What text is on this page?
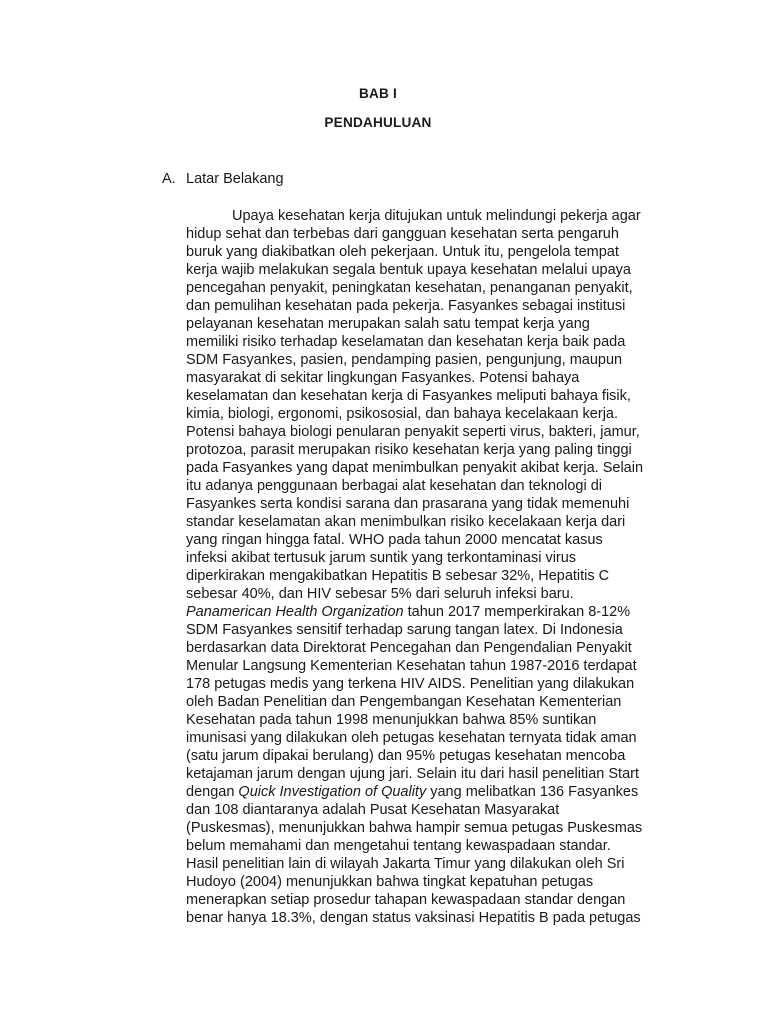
BAB I
PENDAHULUAN
A. Latar Belakang
Upaya kesehatan kerja ditujukan untuk melindungi pekerja agar
hidup sehat dan terbebas dari gangguan kesehatan serta pengaruh
buruk yang diakibatkan oleh pekerjaan. Untuk itu, pengelola tempat
kerja wajib melakukan segala bentuk upaya kesehatan melalui upaya
pencegahan penyakit, peningkatan kesehatan, penanganan penyakit,
dan pemulihan kesehatan pada pekerja. Fasyankes sebagai institusi
pelayanan kesehatan merupakan salah satu tempat kerja yang
memiliki risiko terhadap keselamatan dan kesehatan kerja baik pada
SDM Fasyankes, pasien, pendamping pasien, pengunjung, maupun
masyarakat di sekitar lingkungan Fasyankes. Potensi bahaya
keselamatan dan kesehatan kerja di Fasyankes meliputi bahaya fisik,
kimia, biologi, ergonomi, psikososial, dan bahaya kecelakaan kerja.
Potensi bahaya biologi penularan penyakit seperti virus, bakteri, jamur,
protozoa, parasit merupakan risiko kesehatan kerja yang paling tinggi
pada Fasyankes yang dapat menimbulkan penyakit akibat kerja. Selain
itu adanya penggunaan berbagai alat kesehatan dan teknologi di
Fasyankes serta kondisi sarana dan prasarana yang tidak memenuhi
standar keselamatan akan menimbulkan risiko kecelakaan kerja dari
yang ringan hingga fatal. WHO pada tahun 2000 mencatat kasus
infeksi akibat tertusuk jarum suntik yang terkontaminasi virus
diperkirakan mengakibatkan Hepatitis B sebesar 32%, Hepatitis C
sebesar 40%, dan HIV sebesar 5% dari seluruh infeksi baru.
Panamerican Health Organization tahun 2017 memperkirakan 8-12%
SDM Fasyankes sensitif terhadap sarung tangan latex. Di Indonesia
berdasarkan data Direktorat Pencegahan dan Pengendalian Penyakit
Menular Langsung Kementerian Kesehatan tahun 1987-2016 terdapat
178 petugas medis yang terkena HIV AIDS. Penelitian yang dilakukan
oleh Badan Penelitian dan Pengembangan Kesehatan Kementerian
Kesehatan pada tahun 1998 menunjukkan bahwa 85% suntikan
imunisasi yang dilakukan oleh petugas kesehatan ternyata tidak aman
(satu jarum dipakai berulang) dan 95% petugas kesehatan mencoba
ketajaman jarum dengan ujung jari. Selain itu dari hasil penelitian Start
dengan Quick Investigation of Quality yang melibatkan 136 Fasyankes
dan 108 diantaranya adalah Pusat Kesehatan Masyarakat
(Puskesmas), menunjukkan bahwa hampir semua petugas Puskesmas
belum memahami dan mengetahui tentang kewaspadaan standar.
Hasil penelitian lain di wilayah Jakarta Timur yang dilakukan oleh Sri
Hudoyo (2004) menunjukkan bahwa tingkat kepatuhan petugas
menerapkan setiap prosedur tahapan kewaspadaan standar dengan
benar hanya 18.3%, dengan status vaksinasi Hepatitis B pada petugas
